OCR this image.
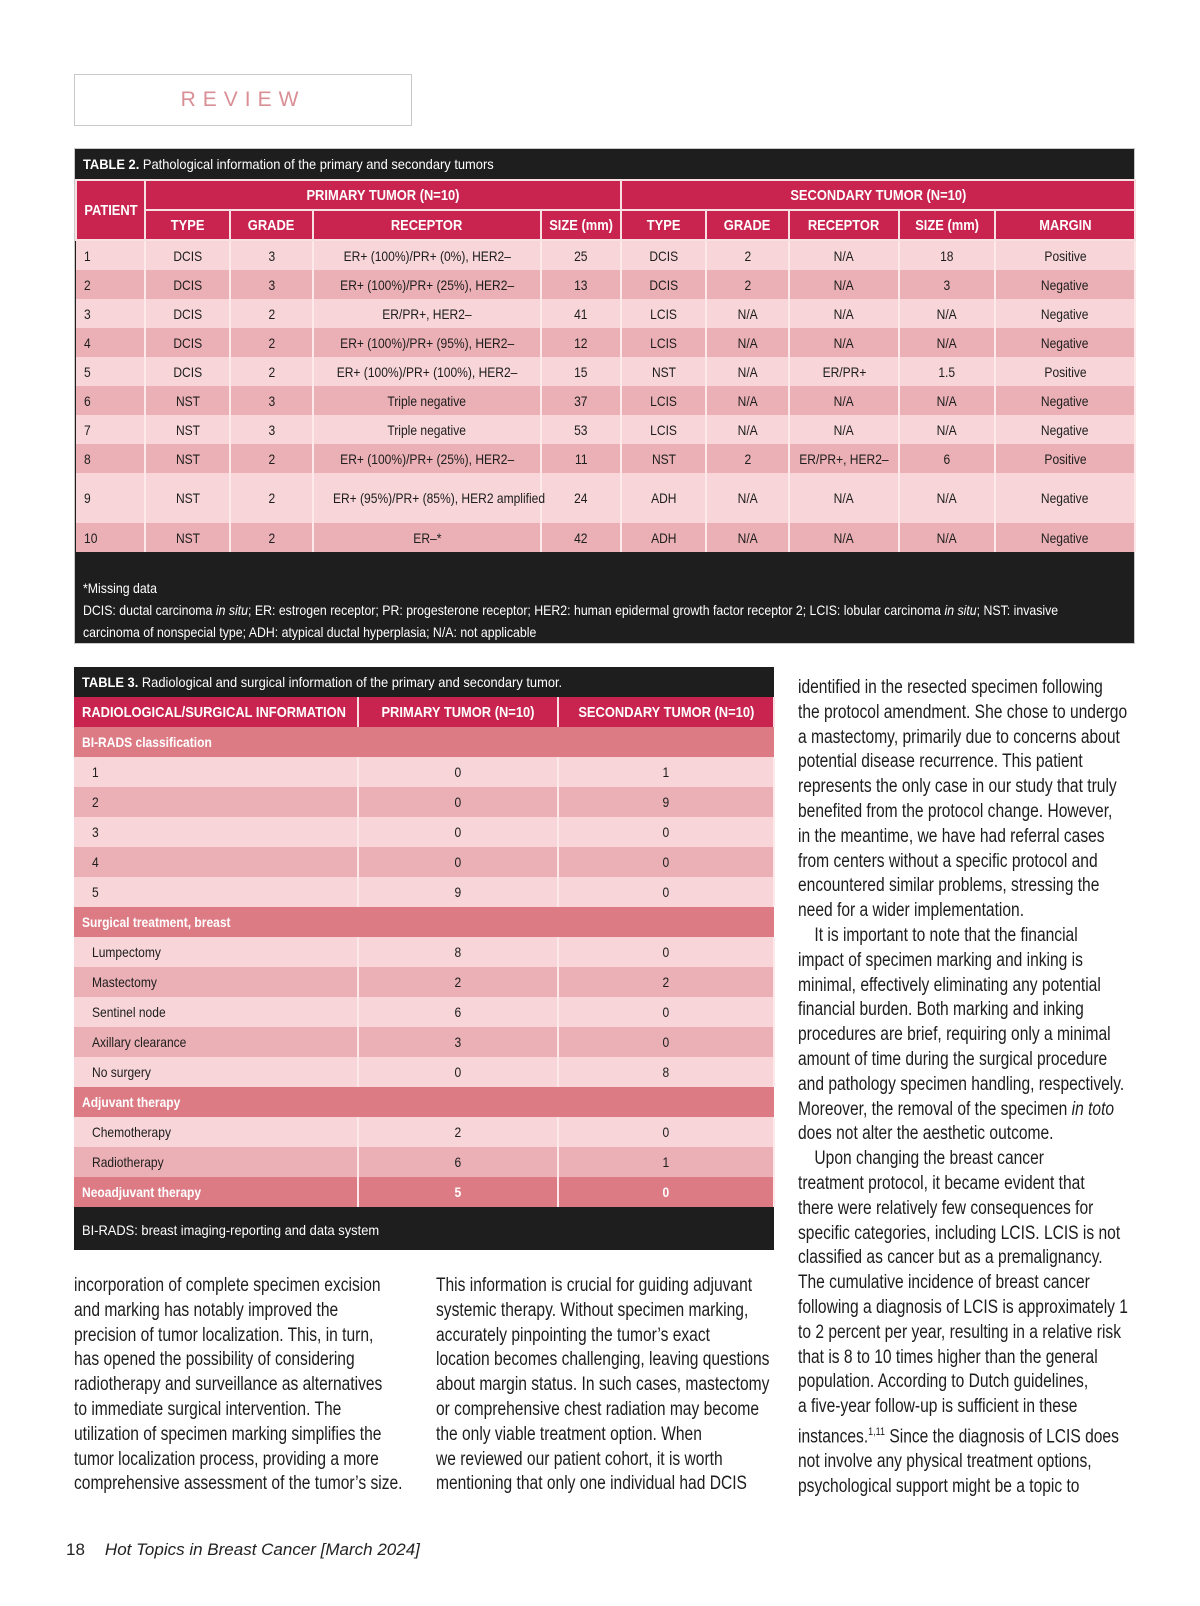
REVIEW
TABLE 2. Pathological information of the primary and secondary tumors
PATIENT	PRIMARY TUMOR (N=10)				SECONDARY TUMOR (N=10)				
	TYPE	GRADE	RECEPTOR	SIZE (mm)	TYPE	GRADE	RECEPTOR	SIZE (mm)	MARGIN
1	DCIS	3	ER+ (100%)/PR+ (0%), HER2–	25	DCIS	2	N/A	18	Positive
2	DCIS	3	ER+ (100%)/PR+ (25%), HER2–	13	DCIS	2	N/A	3	Negative
3	DCIS	2	ER/PR+, HER2–	41	LCIS	N/A	N/A	N/A	Negative
4	DCIS	2	ER+ (100%)/PR+ (95%), HER2–	12	LCIS	N/A	N/A	N/A	Negative
5	DCIS	2	ER+ (100%)/PR+ (100%), HER2–	15	NST	N/A	ER/PR+	1.5	Positive
6	NST	3	Triple negative	37	LCIS	N/A	N/A	N/A	Negative
7	NST	3	Triple negative	53	LCIS	N/A	N/A	N/A	Negative
8	NST	2	ER+ (100%)/PR+ (25%), HER2–	11	NST	2	ER/PR+, HER2–	6	Positive
9	NST	2	ER+ (95%)/PR+ (85%), HER2 amplified	24	ADH	N/A	N/A	N/A	Negative
10	NST	2	ER–*	42	ADH	N/A	N/A	N/A	Negative
*Missing data
DCIS: ductal carcinoma in situ; ER: estrogen receptor; PR: progesterone receptor; HER2: human epidermal growth factor receptor 2; LCIS: lobular carcinoma in situ; NST: invasive
carcinoma of nonspecial type; ADH: atypical ductal hyperplasia; N/A: not applicable
TABLE 3. Radiological and surgical information of the primary and secondary tumor.
RADIOLOGICAL/SURGICAL INFORMATION	PRIMARY TUMOR (N=10)	SECONDARY TUMOR (N=10)
BI-RADS classification		
1	0	1
2	0	9
3	0	0
4	0	0
5	9	0
Surgical treatment, breast		
Lumpectomy	8	0
Mastectomy	2	2
Sentinel node	6	0
Axillary clearance	3	0
No surgery	0	8
Adjuvant therapy		
Chemotherapy	2	0
Radiotherapy	6	1
Neoadjuvant therapy	5	0
BI-RADS: breast imaging-reporting and data system
incorporation of complete specimen excision
and marking has notably improved the
precision of tumor localization. This, in turn,
has opened the possibility of considering
radiotherapy and surveillance as alternatives
to immediate surgical intervention. The
utilization of specimen marking simplifies the
tumor localization process, providing a more
comprehensive assessment of the tumor’s size.
This information is crucial for guiding adjuvant
systemic therapy. Without specimen marking,
accurately pinpointing the tumor’s exact
location becomes challenging, leaving questions
about margin status. In such cases, mastectomy
or comprehensive chest radiation may become
the only viable treatment option. When
we reviewed our patient cohort, it is worth
mentioning that only one individual had DCIS
identified in the resected specimen following
the protocol amendment. She chose to undergo
a mastectomy, primarily due to concerns about
potential disease recurrence. This patient
represents the only case in our study that truly
benefited from the protocol change. However,
in the meantime, we have had referral cases
from centers without a specific protocol and
encountered similar problems, stressing the
need for a wider implementation.
It is important to note that the financial
impact of specimen marking and inking is
minimal, effectively eliminating any potential
financial burden. Both marking and inking
procedures are brief, requiring only a minimal
amount of time during the surgical procedure
and pathology specimen handling, respectively.
Moreover, the removal of the specimen in toto
does not alter the aesthetic outcome.
Upon changing the breast cancer
treatment protocol, it became evident that
there were relatively few consequences for
specific categories, including LCIS. LCIS is not
classified as cancer but as a premalignancy.
The cumulative incidence of breast cancer
following a diagnosis of LCIS is approximately 1
to 2 percent per year, resulting in a relative risk
that is 8 to 10 times higher than the general
population. According to Dutch guidelines,
a five-year follow-up is sufficient in these
instances.$^{1,11}$ Since the diagnosis of LCIS does
not involve any physical treatment options,
psychological support might be a topic to
18 Hot Topics in Breast Cancer [March 2024]
